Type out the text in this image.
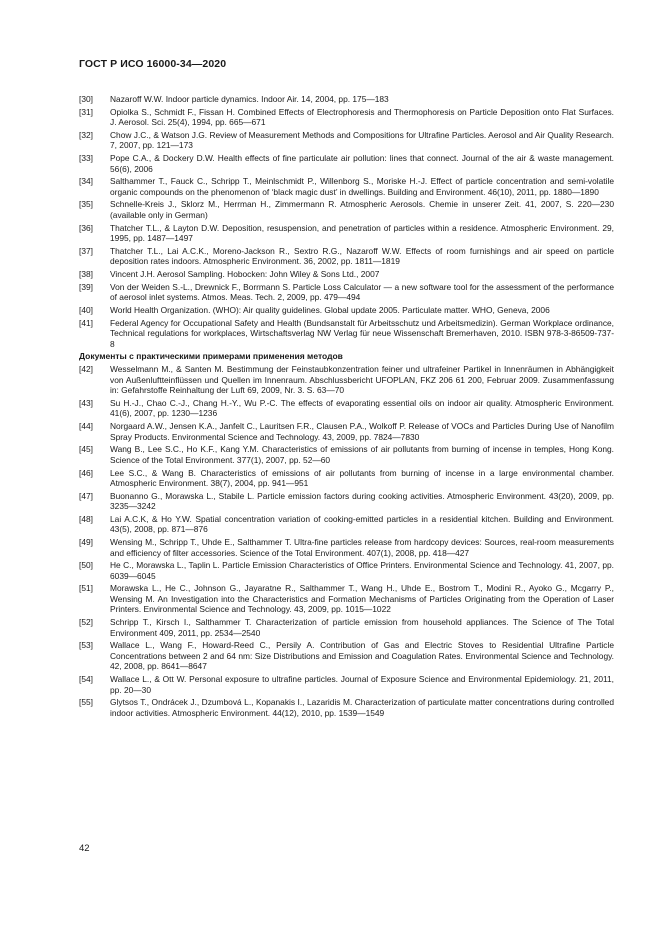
ГОСТ Р ИСО 16000-34—2020
[30]	Nazaroff W.W. Indoor particle dynamics. Indoor Air. 14, 2004, pp. 175—183
[31]	Opiolka S., Schmidt F., Fissan H. Combined Effects of Electrophoresis and Thermophoresis on Particle Deposition onto Flat Surfaces. J. Aerosol. Sci. 25(4), 1994, pp. 665—671
[32]	Chow J.C., & Watson J.G. Review of Measurement Methods and Compositions for Ultrafine Particles. Aerosol and Air Quality Research. 7, 2007, pp. 121—173
[33]	Pope C.A., & Dockery D.W. Health effects of fine particulate air pollution: lines that connect. Journal of the air & waste management. 56(6), 2006
[34]	Salthammer T., Fauck C., Schripp T., Meinlschmidt P., Willenborg S., Moriske H.-J. Effect of particle concentration and semi-volatile organic compounds on the phenomenon of ‘black magic dust’ in dwellings. Building and Environment. 46(10), 2011, pp. 1880—1890
[35]	Schnelle-Kreis J., Sklorz M., Herrman H., Zimmermann R. Atmospheric Aerosols. Chemie in unserer Zeit. 41, 2007, S. 220—230 (available only in German)
[36]	Thatcher T.L., & Layton D.W. Deposition, resuspension, and penetration of particles within a residence. Atmospheric Environment. 29, 1995, pp. 1487—1497
[37]	Thatcher T.L., Lai A.C.K., Moreno-Jackson R., Sextro R.G., Nazaroff W.W. Effects of room furnishings and air speed on particle deposition rates indoors. Atmospheric Environment. 36, 2002, pp. 1811—1819
[38]	Vincent J.H. Aerosol Sampling. Hobocken: John Wiley & Sons Ltd., 2007
[39]	Von der Weiden S.-L., Drewnick F., Borrmann S. Particle Loss Calculator — a new software tool for the assessment of the performance of aerosol inlet systems. Atmos. Meas. Tech. 2, 2009, pp. 479—494
[40]	World Health Organization. (WHO): Air quality guidelines. Global update 2005. Particulate matter. WHO, Geneva, 2006
[41]	Federal Agency for Occupational Safety and Health (Bundsanstalt für Arbeitsschutz und Arbeitsmedizin). German Workplace ordinance, Technical regulations for workplaces, Wirtschaftsverlag NW Verlag für neue Wissenschaft Bremerhaven, 2010. ISBN 978-3-86509-737-8
Документы с практическими примерами применения методов
[42]	Wesselmann M., & Santen M. Bestimmung der Feinstaubkonzentration feiner und ultrafeiner Partikel in Innenräumen in Abhängigkeit von Außenluftteinflüssen und Quellen im Innenraum. Abschlussbericht UFOPLAN, FKZ 206 61 200, Februar 2009. Zusammenfassung in: Gefahrstoffe Reinhaltung der Luft 69, 2009, Nr. 3. S. 63—70
[43]	Su H.-J., Chao C.-J., Chang H.-Y., Wu P.-C. The effects of evaporating essential oils on indoor air quality. Atmospheric Environment. 41(6), 2007, pp. 1230—1236
[44]	Norgaard A.W., Jensen K.A., Janfelt C., Lauritsen F.R., Clausen P.A., Wolkoff P. Release of VOCs and Particles During Use of Nanofilm Spray Products. Environmental Science and Technology. 43, 2009, pp. 7824—7830
[45]	Wang B., Lee S.C., Ho K.F., Kang Y.M. Characteristics of emissions of air pollutants from burning of incense in temples, Hong Kong. Science of the Total Environment. 377(1), 2007, pp. 52—60
[46]	Lee S.C., & Wang B. Characteristics of emissions of air pollutants from burning of incense in a large environmental chamber. Atmospheric Environment. 38(7), 2004, pp. 941—951
[47]	Buonanno G., Morawska L., Stabile L. Particle emission factors during cooking activities. Atmospheric Environment. 43(20), 2009, pp. 3235—3242
[48]	Lai A.C.K, & Ho Y.W. Spatial concentration variation of cooking-emitted particles in a residential kitchen. Building and Environment. 43(5), 2008, pp. 871—876
[49]	Wensing M., Schripp T., Uhde E., Salthammer T. Ultra-fine particles release from hardcopy devices: Sources, real-room measurements and efficiency of filter accessories. Science of the Total Environment. 407(1), 2008, pp. 418—427
[50]	He C., Morawska L., Taplin L. Particle Emission Characteristics of Office Printers. Environmental Science and Technology. 41, 2007, pp. 6039—6045
[51]	Morawska L., He C., Johnson G., Jayaratne R., Salthammer T., Wang H., Uhde E., Bostrom T., Modini R., Ayoko G., Mcgarry P., Wensing M. An Investigation into the Characteristics and Formation Mechanisms of Particles Originating from the Operation of Laser Printers. Environmental Science and Technology. 43, 2009, pp. 1015—1022
[52]	Schripp T., Kirsch I., Salthammer T. Characterization of particle emission from household appliances. The Science of The Total Environment 409, 2011, pp. 2534—2540
[53]	Wallace L., Wang F., Howard-Reed C., Persily A. Contribution of Gas and Electric Stoves to Residential Ultrafine Particle Concentrations between 2 and 64 nm: Size Distributions and Emission and Coagulation Rates. Environmental Science and Technology. 42, 2008, pp. 8641—8647
[54]	Wallace L., & Ott W. Personal exposure to ultrafine particles. Journal of Exposure Science and Environmental Epidemiology. 21, 2011, pp. 20—30
[55]	Glytsos T., Ondrácek J., Dzumbová L., Kopanakis I., Lazaridis M. Characterization of particulate matter concentrations during controlled indoor activities. Atmospheric Environment. 44(12), 2010, pp. 1539—1549
42
